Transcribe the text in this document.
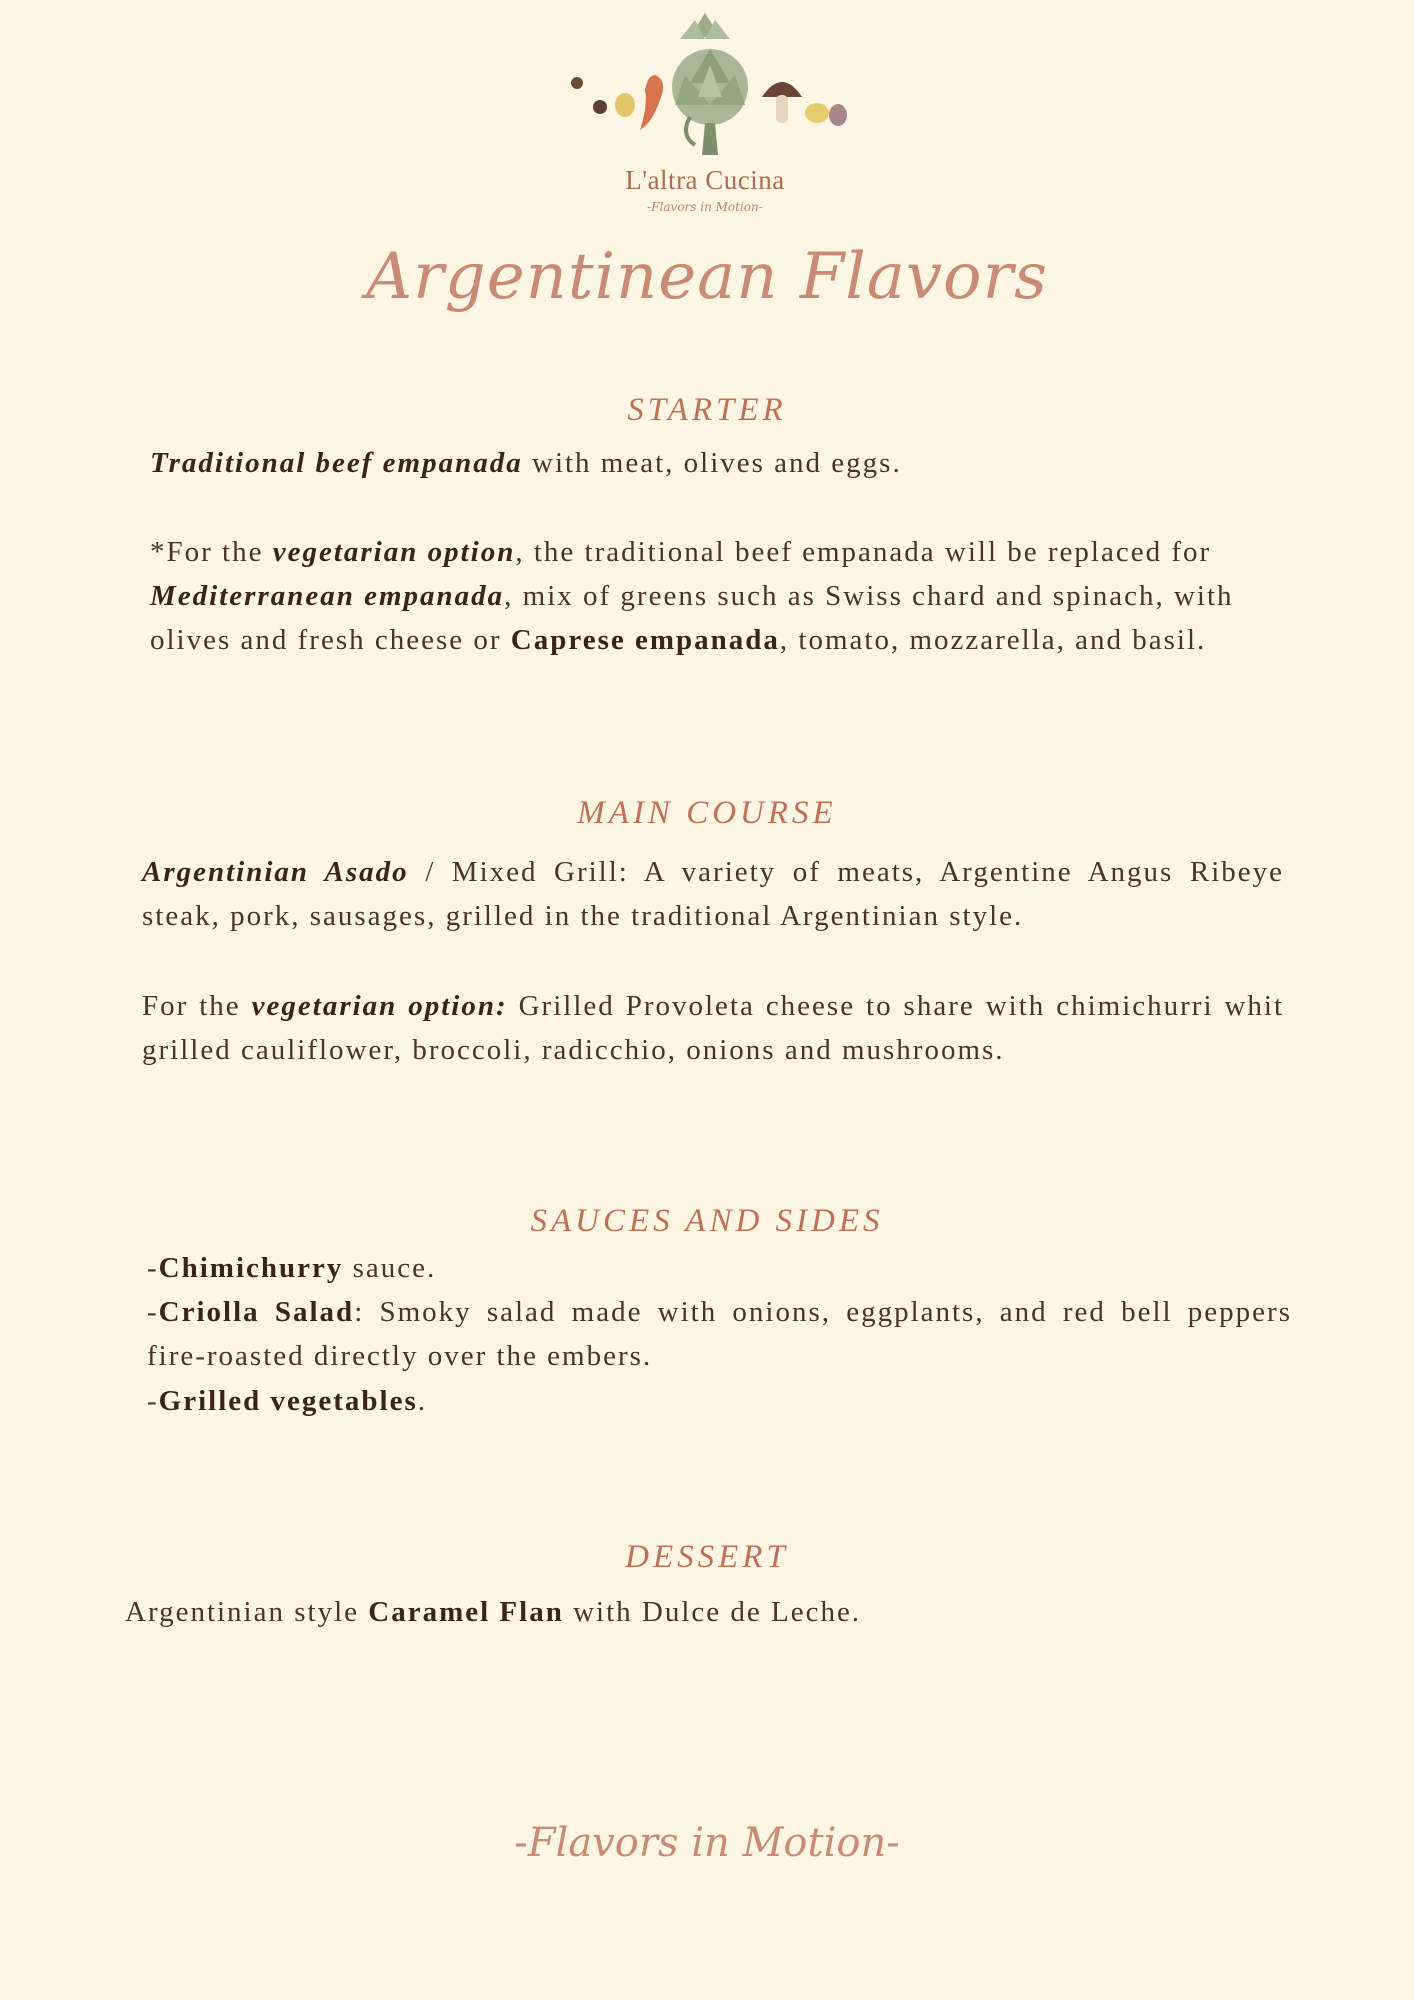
L'altra Cucina
-Flavors in Motion-
Argentinean Flavors
STARTER

Traditional beef empanada with meat, olives and eggs.

*For the vegetarian option, the traditional beef empanada will be replaced for Mediterranean empanada, mix of greens such as Swiss chard and spinach, with olives and fresh cheese or Caprese empanada, tomato, mozzarella, and basil.

MAIN COURSE

Argentinian Asado / Mixed Grill: A variety of meats, Argentine Angus Ribeye steak, pork, sausages, grilled in the traditional Argentinian style.

For the vegetarian option: Grilled Provoleta cheese to share with chimichurri whit grilled cauliflower, broccoli, radicchio, onions and mushrooms.

SAUCES AND SIDES

-Chimichurry sauce.

-Criolla Salad: Smoky salad made with onions, eggplants, and red bell peppers fire-roasted directly over the embers.

-Grilled vegetables.

DESSERT

Argentinian style Caramel Flan with Dulce de Leche.

-Flavors in Motion-
